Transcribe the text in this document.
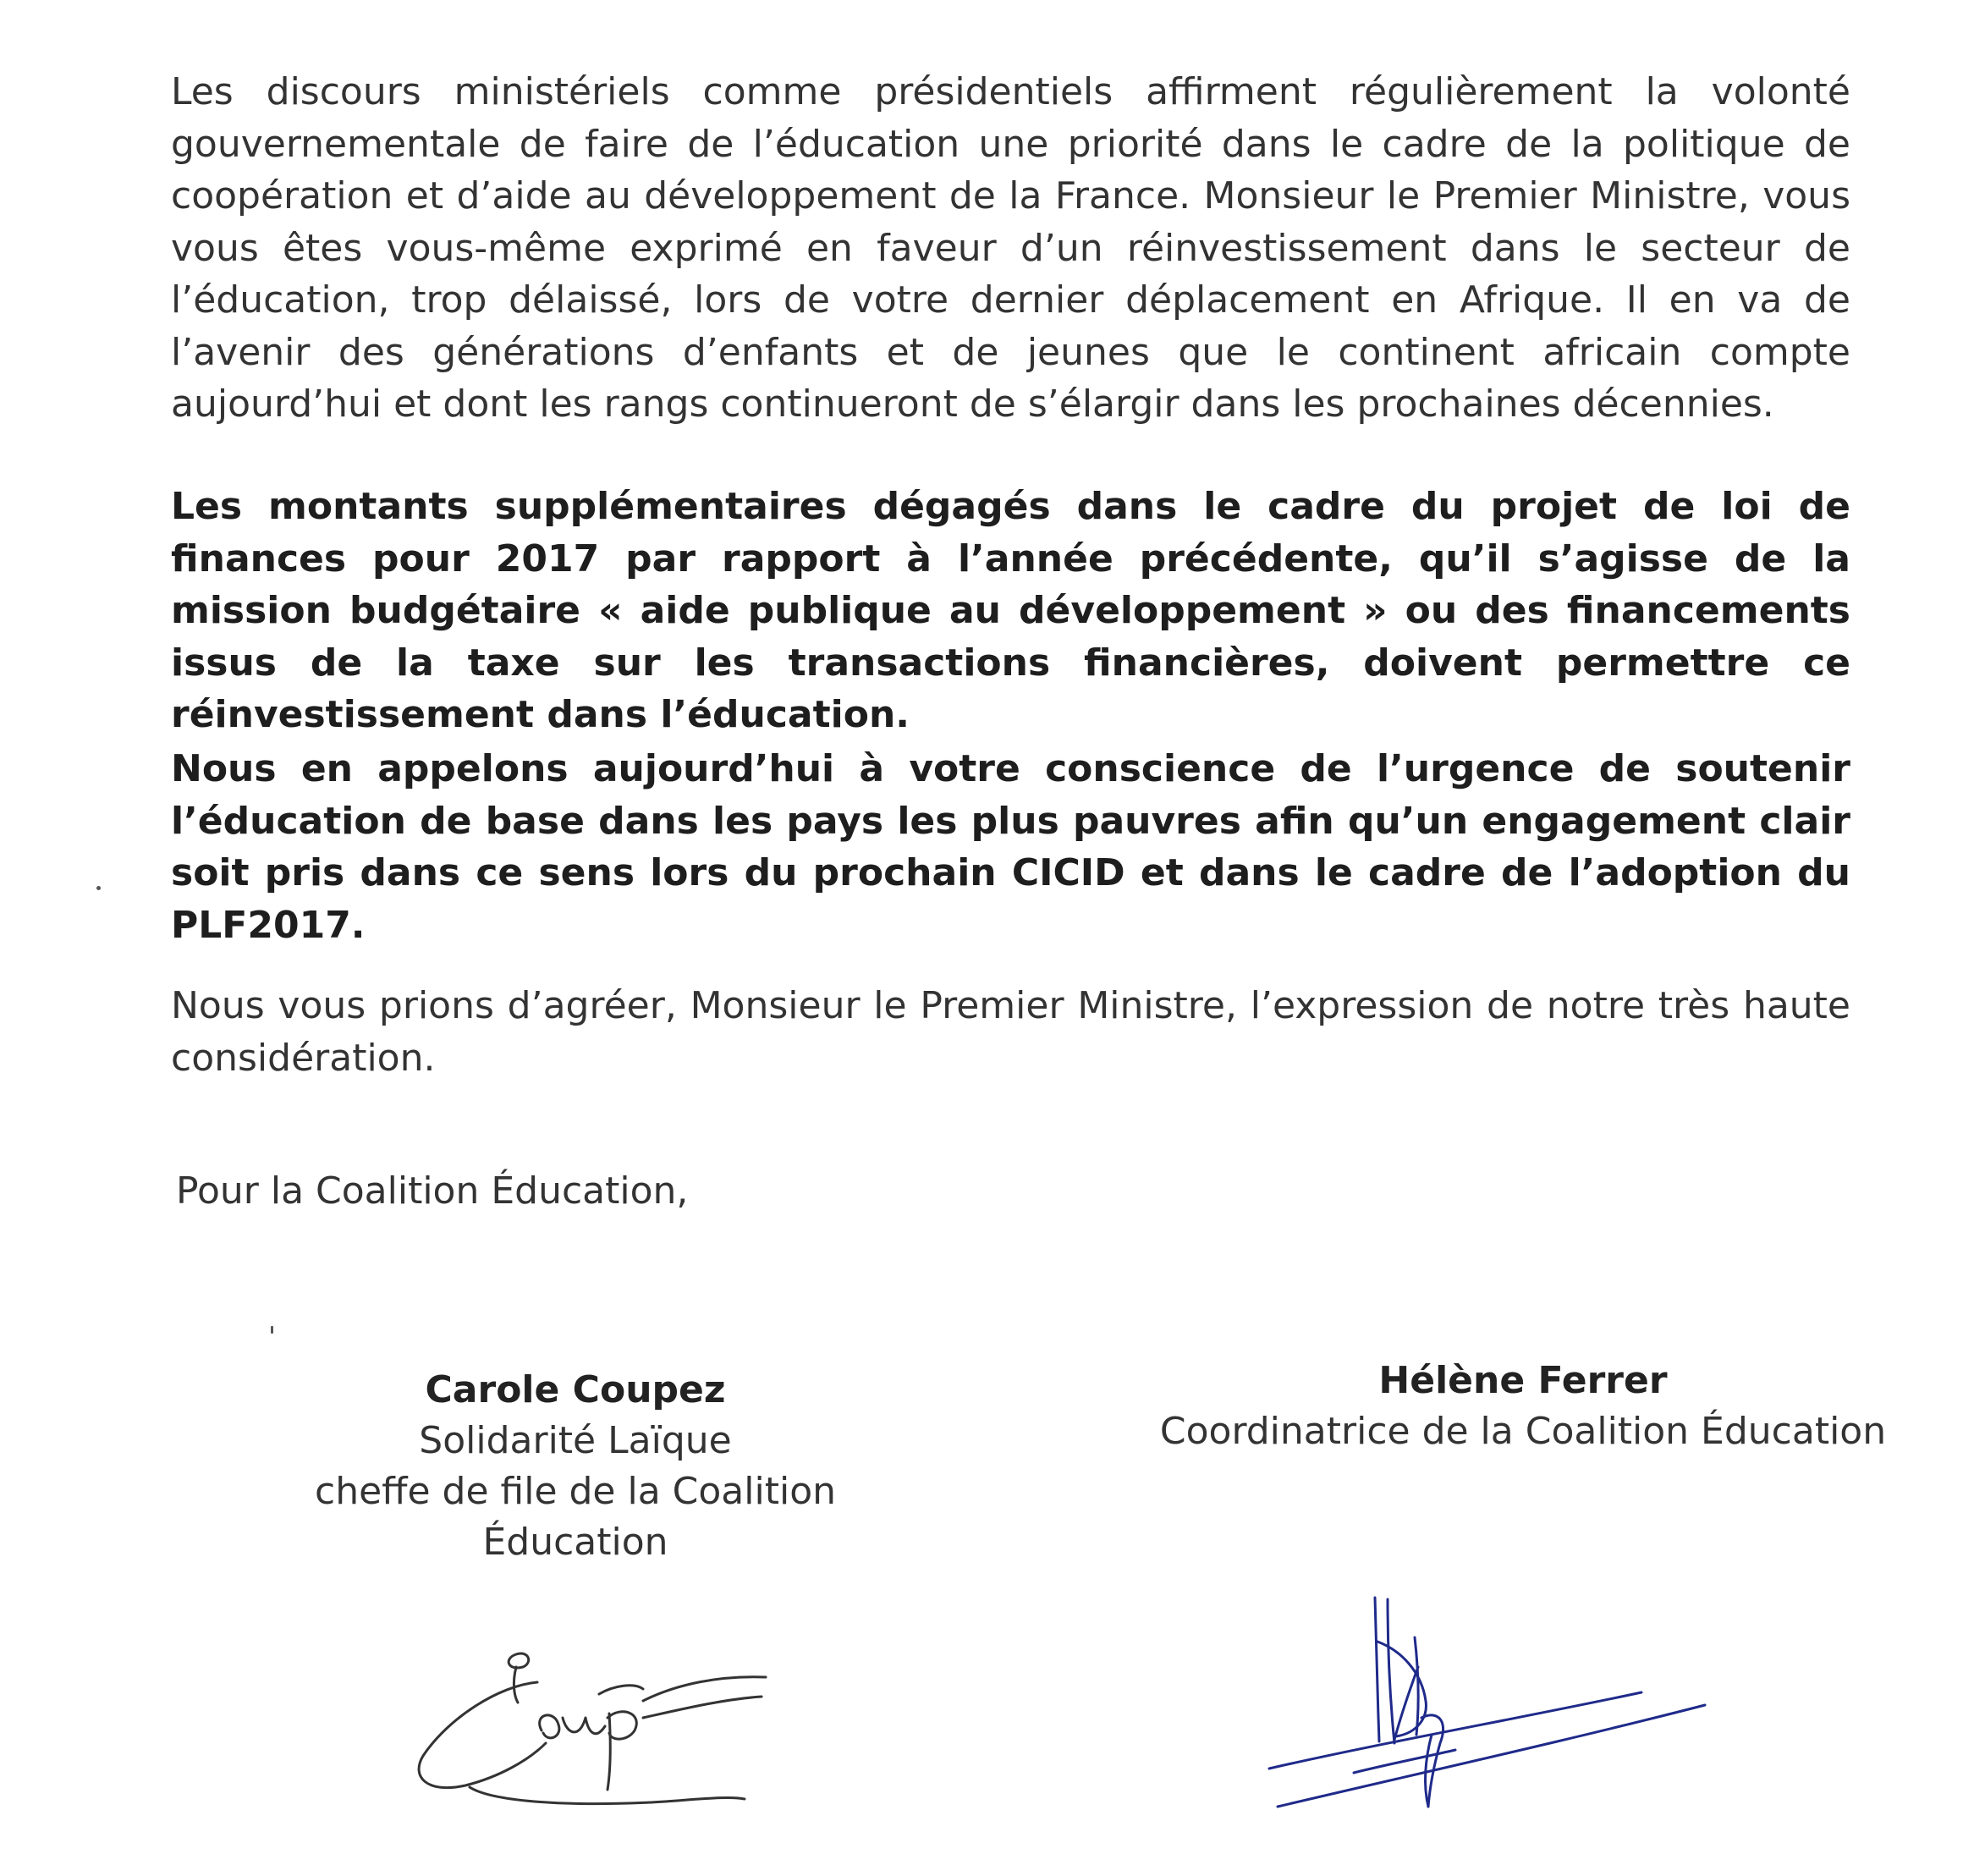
Les discours ministériels comme présidentiels affirment régulièrement la volonté gouvernementale de faire de l’éducation une priorité dans le cadre de la politique de coopération et d’aide au développement de la France. Monsieur le Premier Ministre, vous vous êtes vous-même exprimé en faveur d’un réinvestissement dans le secteur de l’éducation, trop délaissé, lors de votre dernier déplacement en Afrique. Il en va de l’avenir des générations d’enfants et de jeunes que le continent africain compte aujourd’hui et dont les rangs continueront de s’élargir dans les prochaines décennies.

Les montants supplémentaires dégagés dans le cadre du projet de loi de finances pour 2017 par rapport à l’année précédente, qu’il s’agisse de la mission budgétaire « aide publique au développement » ou des financements issus de la taxe sur les transactions financières, doivent permettre ce réinvestissement dans l’éducation.

Nous en appelons aujourd’hui à votre conscience de l’urgence de soutenir l’éducation de base dans les pays les plus pauvres afin qu’un engagement clair soit pris dans ce sens lors du prochain CICID et dans le cadre de l’adoption du PLF2017.

Nous vous prions d’agréer, Monsieur le Premier Ministre, l’expression de notre très haute considération.

Pour la Coalition Éducation,
Carole Coupez
Solidarité Laïque
cheffe de file de la Coalition Éducation
Hélène Ferrer
Coordinatrice de la Coalition Éducation
